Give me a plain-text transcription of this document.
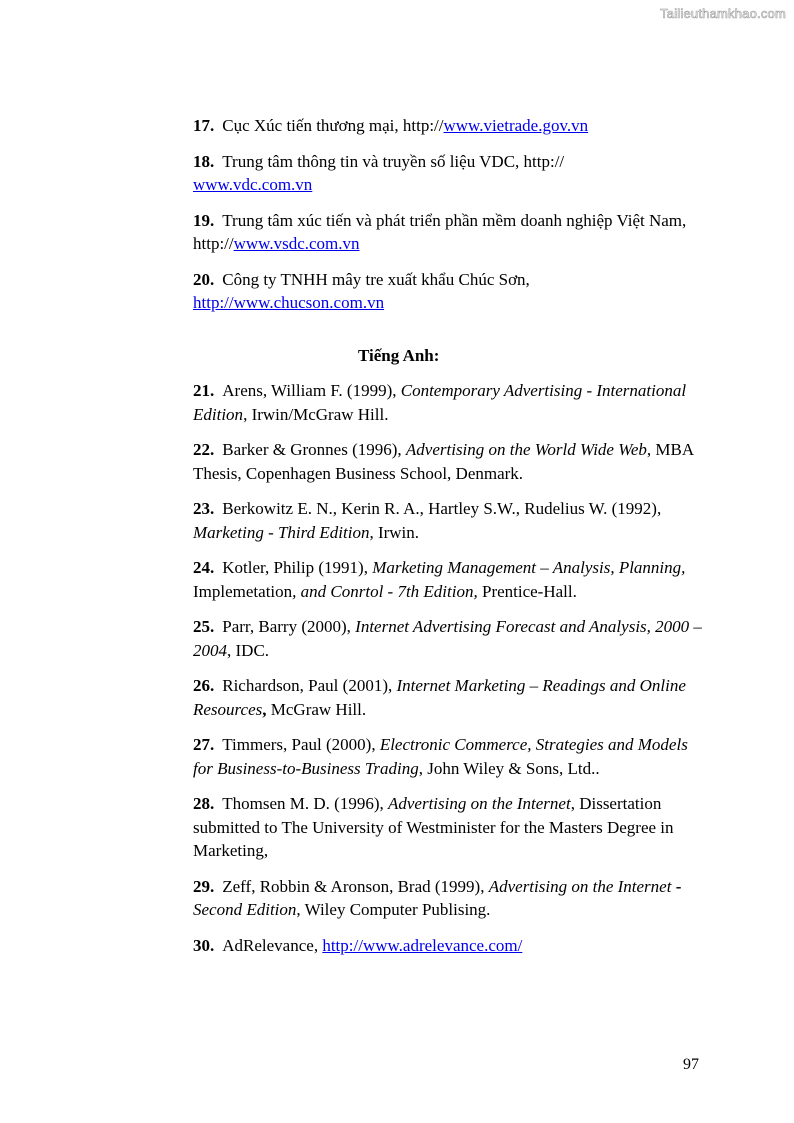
Tailieuthamkhao.com

17. Cục Xúc tiến thương mại, http://www.vietrade.gov.vn

18. Trung tâm thông tin và truyền số liệu VDC, http://
www.vdc.com.vn

19. Trung tâm xúc tiến và phát triển phần mềm doanh nghiệp Việt Nam, http://www.vsdc.com.vn

20. Công ty TNHH mây tre xuất khẩu Chúc Sơn,
http://www.chucson.com.vn

Tiếng Anh:

21. Arens, William F. (1999), Contemporary Advertising - International Edition, Irwin/McGraw Hill.

22. Barker & Gronnes (1996), Advertising on the World Wide Web, MBA Thesis, Copenhagen Business School, Denmark.

23. Berkowitz E. N., Kerin R. A., Hartley S.W., Rudelius W. (1992), Marketing - Third Edition, Irwin.

24. Kotler, Philip (1991), Marketing Management – Analysis, Planning, Implemetation, and Conrtol - 7th Edition, Prentice-Hall.

25. Parr, Barry (2000), Internet Advertising Forecast and Analysis, 2000 – 2004, IDC.

26. Richardson, Paul (2001), Internet Marketing – Readings and Online Resources, McGraw Hill.

27. Timmers, Paul (2000), Electronic Commerce, Strategies and Models for Business-to-Business Trading, John Wiley & Sons, Ltd..

28. Thomsen M. D. (1996), Advertising on the Internet, Dissertation submitted to The University of Westminister for the Masters Degree in Marketing,

29. Zeff, Robbin & Aronson, Brad (1999), Advertising on the Internet - Second Edition, Wiley Computer Publising.

30. AdRelevance, http://www.adrelevance.com/

97
